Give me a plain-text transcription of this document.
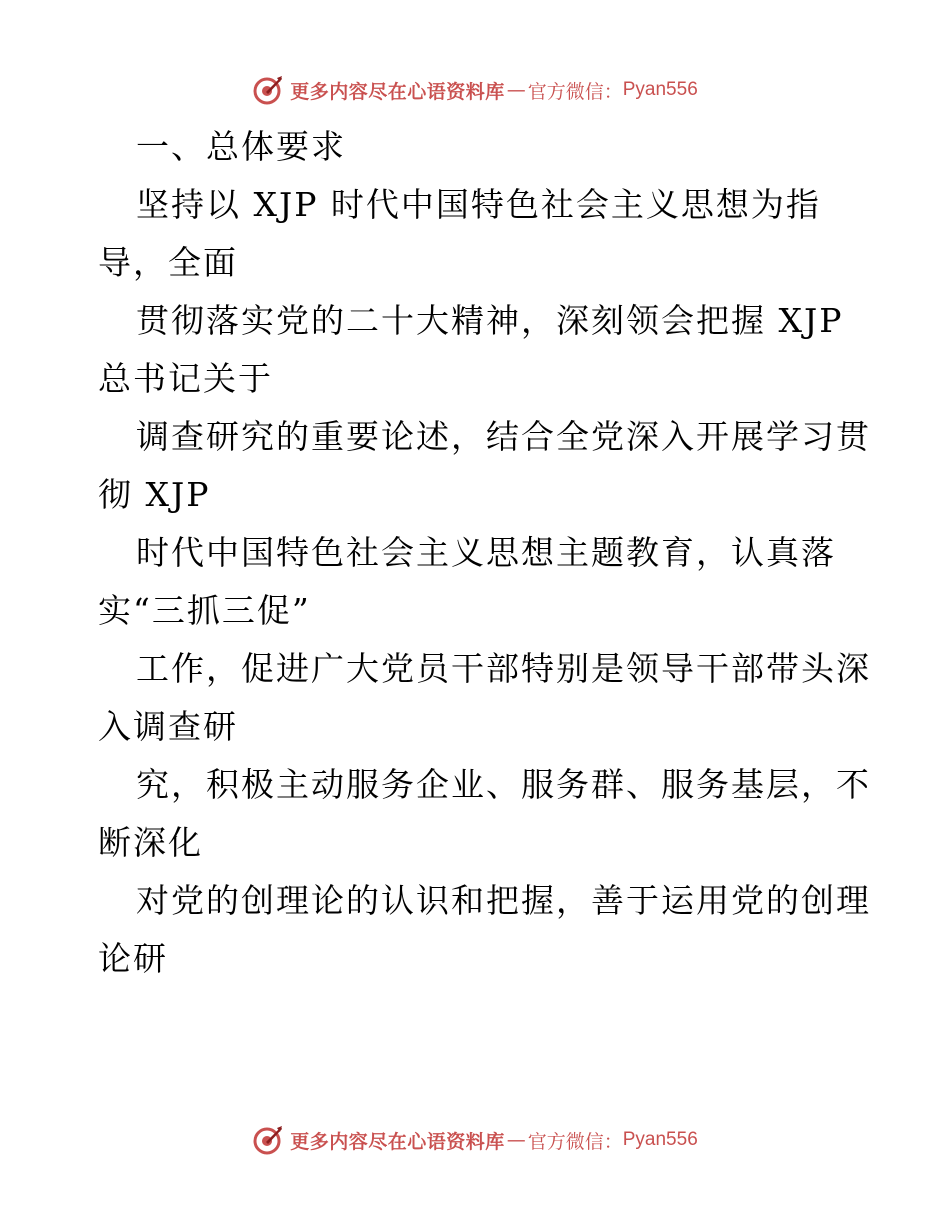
更多内容尽在心语资料库 — 官方微信： Pyan556
一、总体要求
坚持以 XJP 时代中国特色社会主义思想为指
导，全面
贯彻落实党的二十大精神，深刻领会把握 XJP
总书记关于
调查研究的重要论述，结合全党深入开展学习贯
彻 XJP
时代中国特色社会主义思想主题教育，认真落
实“三抓三促”
工作，促进广大党员干部特别是领导干部带头深
入调查研
究，积极主动服务企业、服务群、服务基层，不
断深化
对党的创理论的认识和把握，善于运用党的创理
论研
更多内容尽在心语资料库 — 官方微信： Pyan556
